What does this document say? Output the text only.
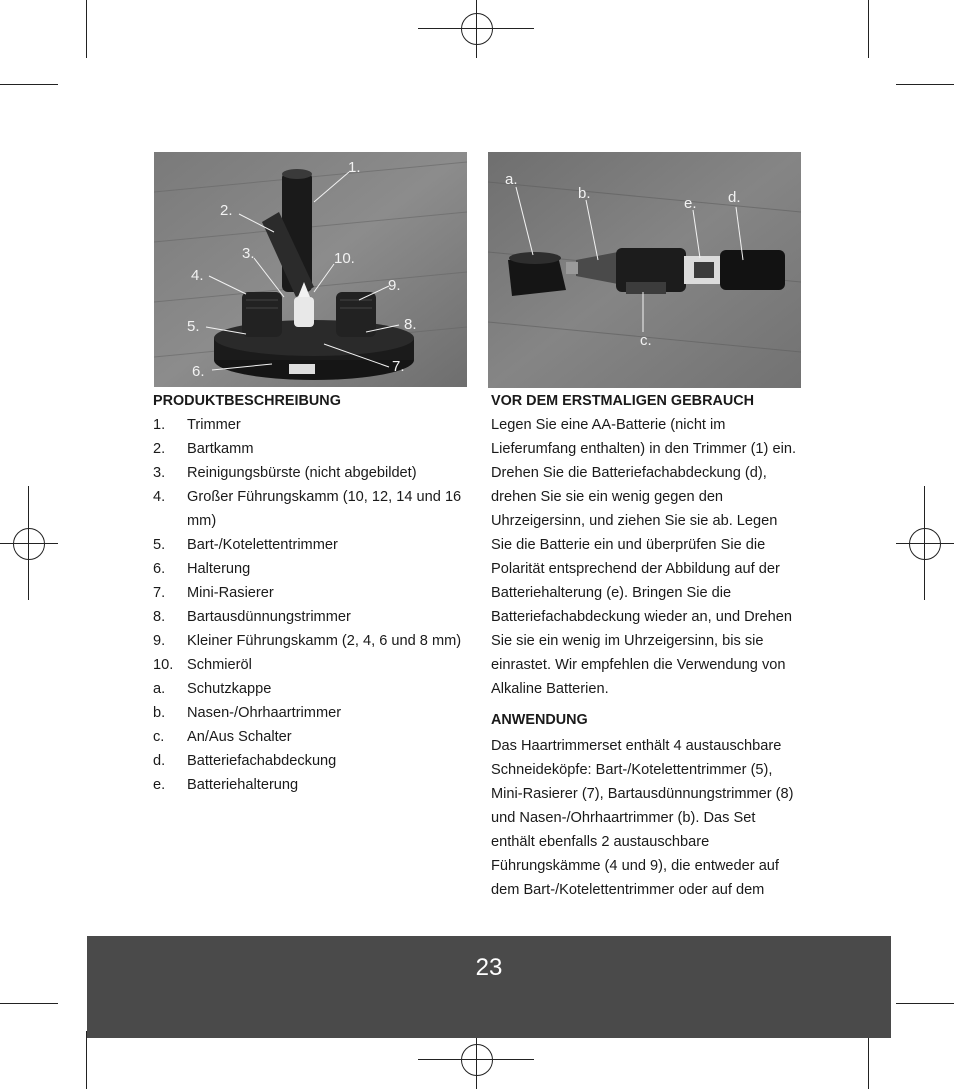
1.
2.
3.	10.
4.
9.
5.	8.
6.	7.
a.
b.
e. d.
c.
PRODUKTBESCHREIBUNG
1.	Trimmer
2.	Bartkamm
3.	Reinigungsbürste (nicht abgebildet)
4.	Großer Führungskamm (10, 12, 14 und 16 mm)
5.	Bart-/Kotelettentrimmer
6.	Halterung
7.	Mini-Rasierer
8.	Bartausdünnungstrimmer
9.	Kleiner Führungskamm (2, 4, 6 und 8 mm)
10. Schmieröl
a.	Schutzkappe
b.	Nasen-/Ohrhaartrimmer
c.	An/Aus Schalter
d.	Batteriefachabdeckung
e.	Batteriehalterung
VOR DEM ERSTMALIGEN GEBRAUCH

Legen Sie eine AA-Batterie (nicht im Lieferumfang enthalten) in den Trimmer (1) ein. Drehen Sie die Batteriefachabdeckung (d), drehen Sie sie ein wenig gegen den Uhrzeigersinn, und ziehen Sie sie ab. Legen Sie die Batterie ein und überprüfen Sie die Polarität entsprechend der Abbildung auf der Batteriehalterung (e). Bringen Sie die Batteriefachabdeckung wieder an, und Drehen Sie sie ein wenig im Uhrzeigersinn, bis sie einrastet. Wir empfehlen die Verwendung von Alkaline Batterien.

ANWENDUNG

Das Haartrimmerset enthält 4 austauschbare Schneideköpfe: Bart-/Kotelettentrimmer (5), Mini-Rasierer (7), Bartausdünnungstrimmer (8) und Nasen-/Ohrhaartrimmer (b). Das Set enthält ebenfalls 2 austauschbare Führungskämme (4 und 9), die entweder auf dem Bart-/Kotelettentrimmer oder auf dem

23
